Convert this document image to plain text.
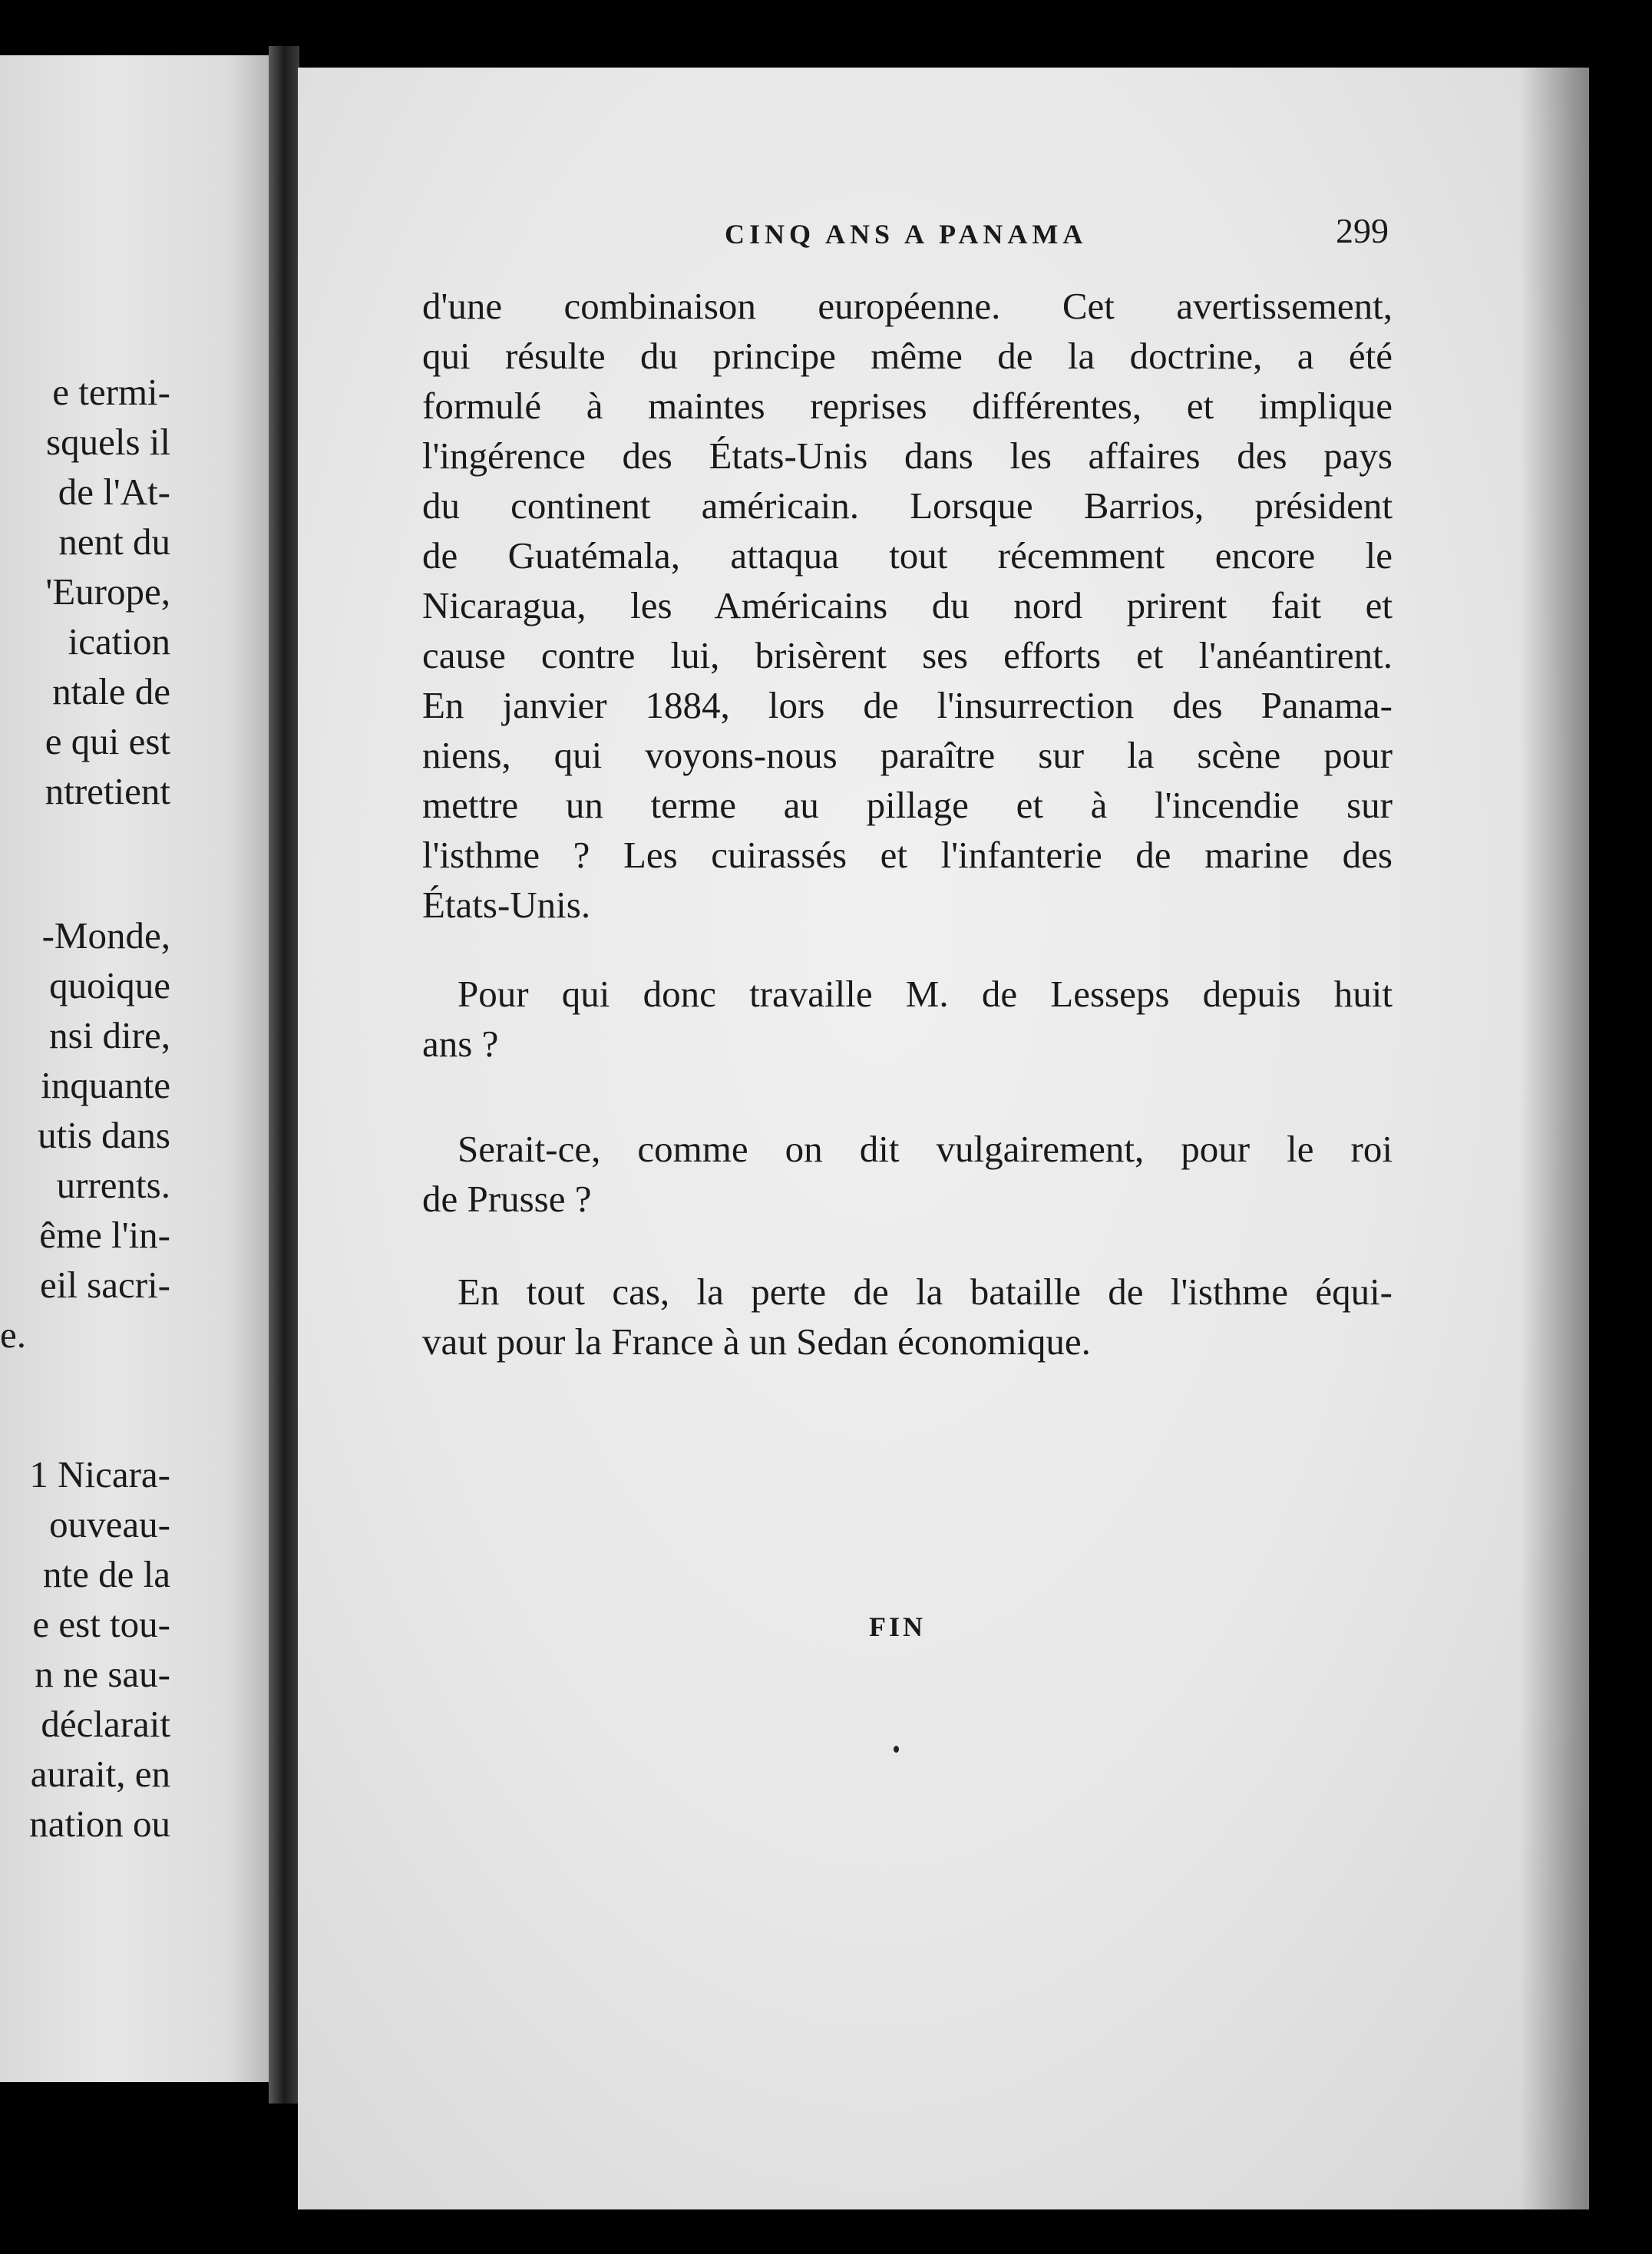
e termi-
squels il
de l'At-
nent du
'Europe,
ication
ntale de
e qui est
ntretient
-Monde,
quoique
nsi dire,
inquante
utis dans
urrents.
ême l'in-
eil sacri-
e.
1 Nicara-
ouveau-
nte de la
e est tou-
n ne sau-
déclarait
aurait, en
nation ou
CINQ ANS A PANAMA	299
d'une combinaison européenne. Cet avertissement,
qui résulte du principe même de la doctrine, a été
formulé à maintes reprises différentes, et implique
l'ingérence des États-Unis dans les affaires des pays
du continent américain. Lorsque Barrios, président
de Guatémala, attaqua tout récemment encore le
Nicaragua, les Américains du nord prirent fait et
cause contre lui, brisèrent ses efforts et l'anéantirent.
En janvier 1884, lors de l'insurrection des Panama-
niens, qui voyons-nous paraître sur la scène pour
mettre un terme au pillage et à l'incendie sur
l'isthme ? Les cuirassés et l'infanterie de marine des
États-Unis.
Pour qui donc travaille M. de Lesseps depuis huit
ans ?
Serait-ce, comme on dit vulgairement, pour le roi
de Prusse ?
En tout cas, la perte de la bataille de l'isthme équi-
vaut pour la France à un Sedan économique.
FIN
